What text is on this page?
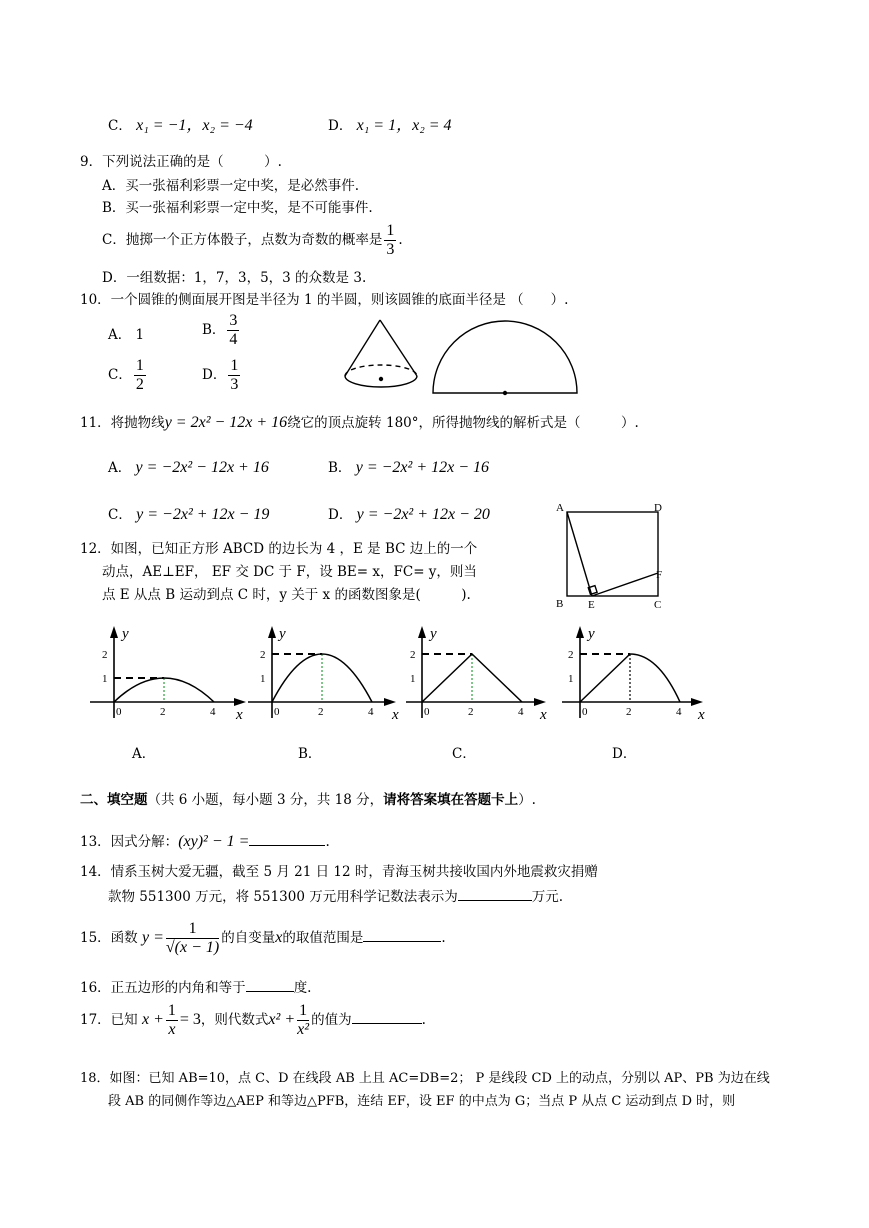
C． x₁ = −1，x₂ = −4	D． x₁ = 1，x₂ = 4
9．下列说法正确的是（　　　）.
A．买一张福利彩票一定中奖，是必然事件.
B．买一张福利彩票一定中奖，是不可能事件.
C．抛掷一个正方体骰子，点数为奇数的概率是 $\frac{1}{3}$ .
D．一组数据：1，7，3，5，3 的众数是 3.
10．一个圆锥的侧面展开图是半径为 1 的半圆，则该圆锥的底面半径是 （　　）.
A． 1	B． $\frac{3}{4}$
C． $\frac{1}{2}$	D． $\frac{1}{3}$
11．将抛物线y = 2x² − 12x + 16绕它的顶点旋转 180°，所得抛物线的解析式是（　　　）.
A． y = −2x² − 12x + 16	B． y = −2x² + 12x − 16
C． y = −2x² + 12x − 19	D． y = −2x² + 12x − 20
12．如图，已知正方形 ABCD 的边长为 4 ，E 是 BC 边上的一个
动点，AE⊥EF， EF 交 DC 于 F，设 BE= x，FC= y，则当
点 E 从点 B 运动到点 C 时，y 关于 x 的函数图象是(　　　).
A	D
B E	C
F
y
x
0	2	4
1
2
y
x
0	2	4
1
2
y
x
0	2	4
1
2
y
x
0	2	4
1
2
A．	B．	C．	D．
二、填空题（共 6 小题，每小题 3 分，共 18 分，请将答案填在答题卡上）.
13．因式分解：(xy)² − 1 =	.
14．情系玉树大爱无疆，截至 5 月 21 日 12 时，青海玉树共接收国内外地震救灾捐赠
款物 551300 万元，将 551300 万元用科学记数法表示为	万元.
15．函数 $y = \frac{1}{√(x - 1)}$ 的自变量x的取值范围是	.
16．正五边形的内角和等于	度.
17．已知 $x + \frac{1}{x} = 3$，则代数式$x^2 + \frac{1}{\text{x²}}$ 的值为	.
18．如图：已知 AB=10，点 C、D 在线段 AB 上且 AC=DB=2； P 是线段 CD 上的动点，分别以 AP、PB 为边在线
段 AB 的同侧作等边△AEP 和等边△PFB，连结 EF，设 EF 的中点为 G；当点 P 从点 C 运动到点 D 时，则
